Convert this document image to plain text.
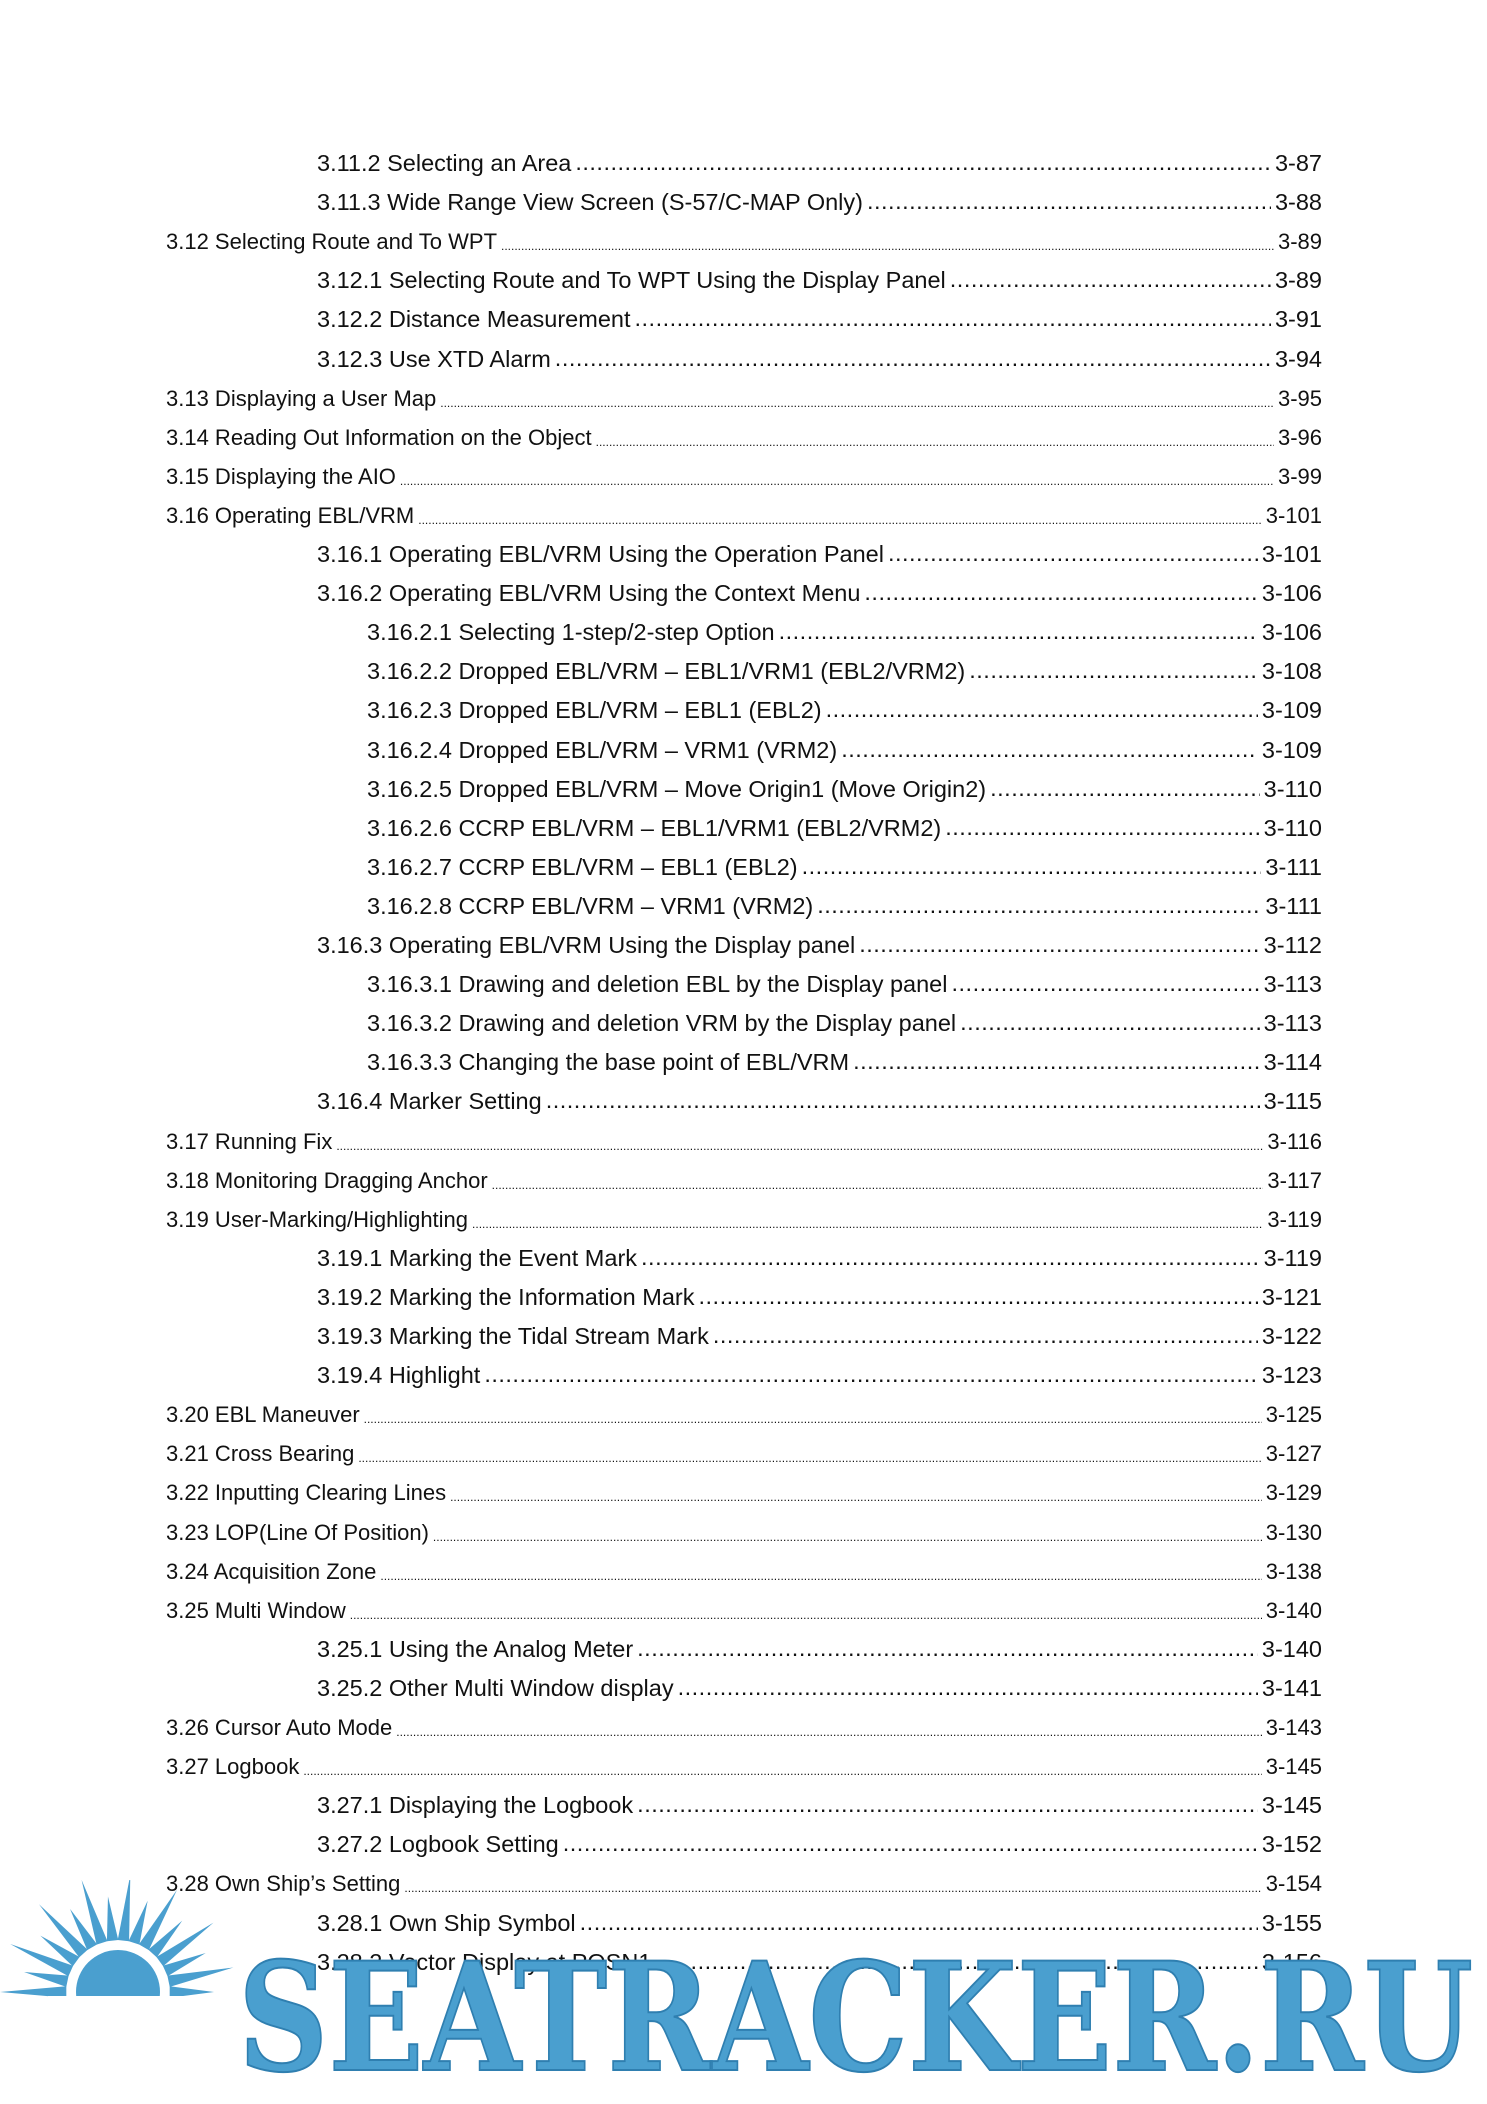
3.11.2 Selecting an Area .....	3-87
3.11.3 Wide Range View Screen (S-57/C-MAP Only) .....	3-88
3.12 Selecting Route and To WPT .....	3-89
3.12.1 Selecting Route and To WPT Using the Display Panel .....	3-89
3.12.2 Distance Measurement .....	3-91
3.12.3 Use XTD Alarm .....	3-94
3.13 Displaying a User Map .....	3-95
3.14 Reading Out Information on the Object .....	3-96
3.15 Displaying the AIO .....	3-99
3.16 Operating EBL/VRM .....	3-101
3.16.1 Operating EBL/VRM Using the Operation Panel .....	3-101
3.16.2 Operating EBL/VRM Using the Context Menu .....	3-106
3.16.2.1 Selecting 1-step/2-step Option .....	3-106
3.16.2.2 Dropped EBL/VRM – EBL1/VRM1 (EBL2/VRM2) .....	3-108
3.16.2.3 Dropped EBL/VRM – EBL1 (EBL2) .....	3-109
3.16.2.4 Dropped EBL/VRM – VRM1 (VRM2) .....	3-109
3.16.2.5 Dropped EBL/VRM – Move Origin1 (Move Origin2) .....	3-110
3.16.2.6 CCRP EBL/VRM – EBL1/VRM1 (EBL2/VRM2) .....	3-110
3.16.2.7 CCRP EBL/VRM – EBL1 (EBL2) .....	3-111
3.16.2.8 CCRP EBL/VRM – VRM1 (VRM2) .....	3-111
3.16.3 Operating EBL/VRM Using the Display panel .....	3-112
3.16.3.1 Drawing and deletion EBL by the Display panel .....	3-113
3.16.3.2 Drawing and deletion VRM by the Display panel .....	3-113
3.16.3.3 Changing the base point of EBL/VRM .....	3-114
3.16.4 Marker Setting .....	3-115
3.17 Running Fix .....	3-116
3.18 Monitoring Dragging Anchor .....	3-117
3.19 User-Marking/Highlighting .....	3-119
3.19.1 Marking the Event Mark .....	3-119
3.19.2 Marking the Information Mark .....	3-121
3.19.3 Marking the Tidal Stream Mark .....	3-122
3.19.4 Highlight .....	3-123
3.20 EBL Maneuver .....	3-125
3.21 Cross Bearing .....	3-127
3.22 Inputting Clearing Lines .....	3-129
3.23 LOP(Line Of Position) .....	3-130
3.24 Acquisition Zone .....	3-138
3.25 Multi Window .....	3-140
3.25.1 Using the Analog Meter .....	3-140
3.25.2 Other Multi Window display .....	3-141
3.26 Cursor Auto Mode .....	3-143
3.27 Logbook .....	3-145
3.27.1 Displaying the Logbook .....	3-145
3.27.2 Logbook Setting .....	3-152
3.28 Own Ship’s Setting .....	3-154
3.28.1 Own Ship Symbol .....	3-155
3.28.2 Vector Display at POSN1 .....	3-156
SEATRACKER.RU
